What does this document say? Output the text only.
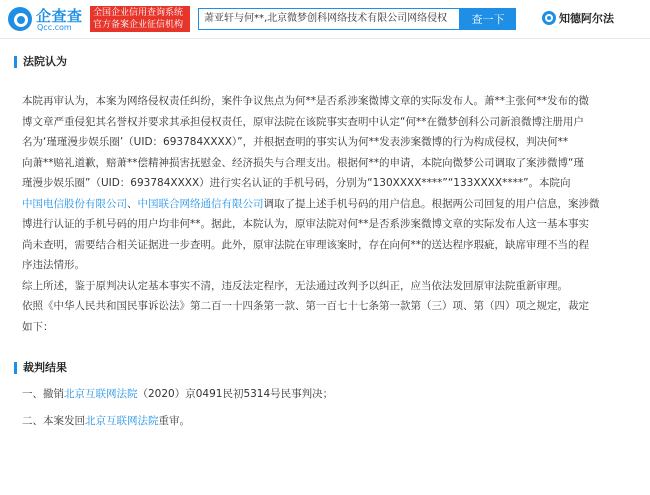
企查查
Qcc.com
全国企业信用查询系统
官方备案企业征信机构
萧亚轩与何**,北京微梦创科网络技术有限公司网络侵权	查一下	知德阿尔法
法院认为
本院再审认为，本案为网络侵权责任纠纷，案件争议焦点为何**是否系涉案微博文章的实际发布人。萧**主张何**发布的微
博文章严重侵犯其名誉权并要求其承担侵权责任，原审法院在该院事实查明中认定“何**在微梦创科公司新浪微博注册用户
名为‘瑾瑾漫步娱乐圈’（UID：693784XXXX）”，并根据查明的事实认为何**发表涉案微博的行为构成侵权，判决何**
向萧**赔礼道歉，赔萧**偿精神损害抚慰金、经济损失与合理支出。根据何**的申请，本院向微梦公司调取了案涉微博“瑾
瑾漫步娱乐圈”（UID：693784XXXX）进行实名认证的手机号码，分别为“130XXXX****”“133XXXX****”。本院向
中国电信股份有限公司、中国联合网络通信有限公司调取了提上述手机号码的用户信息。根据两公司回复的用户信息，案涉微
博进行认证的手机号码的用户均非何**。据此，本院认为，原审法院对何**是否系涉案微博文章的实际发布人这一基本事实
尚未查明，需要结合相关证据进一步查明。此外，原审法院在审理该案时，存在向何**的送达程序瑕疵，缺席审理不当的程
序违法情形。
综上所述，鉴于原判决认定基本事实不清，违反法定程序，无法通过改判予以纠正，应当依法发回原审法院重新审理。
依照《中华人民共和国民事诉讼法》第二百一十四条第一款、第一百七十七条第一款第（三）项、第（四）项之规定，裁定
如下：
裁判结果
一、撤销北京互联网法院（2020）京0491民初5314号民事判决；
二、本案发回北京互联网法院重审。
